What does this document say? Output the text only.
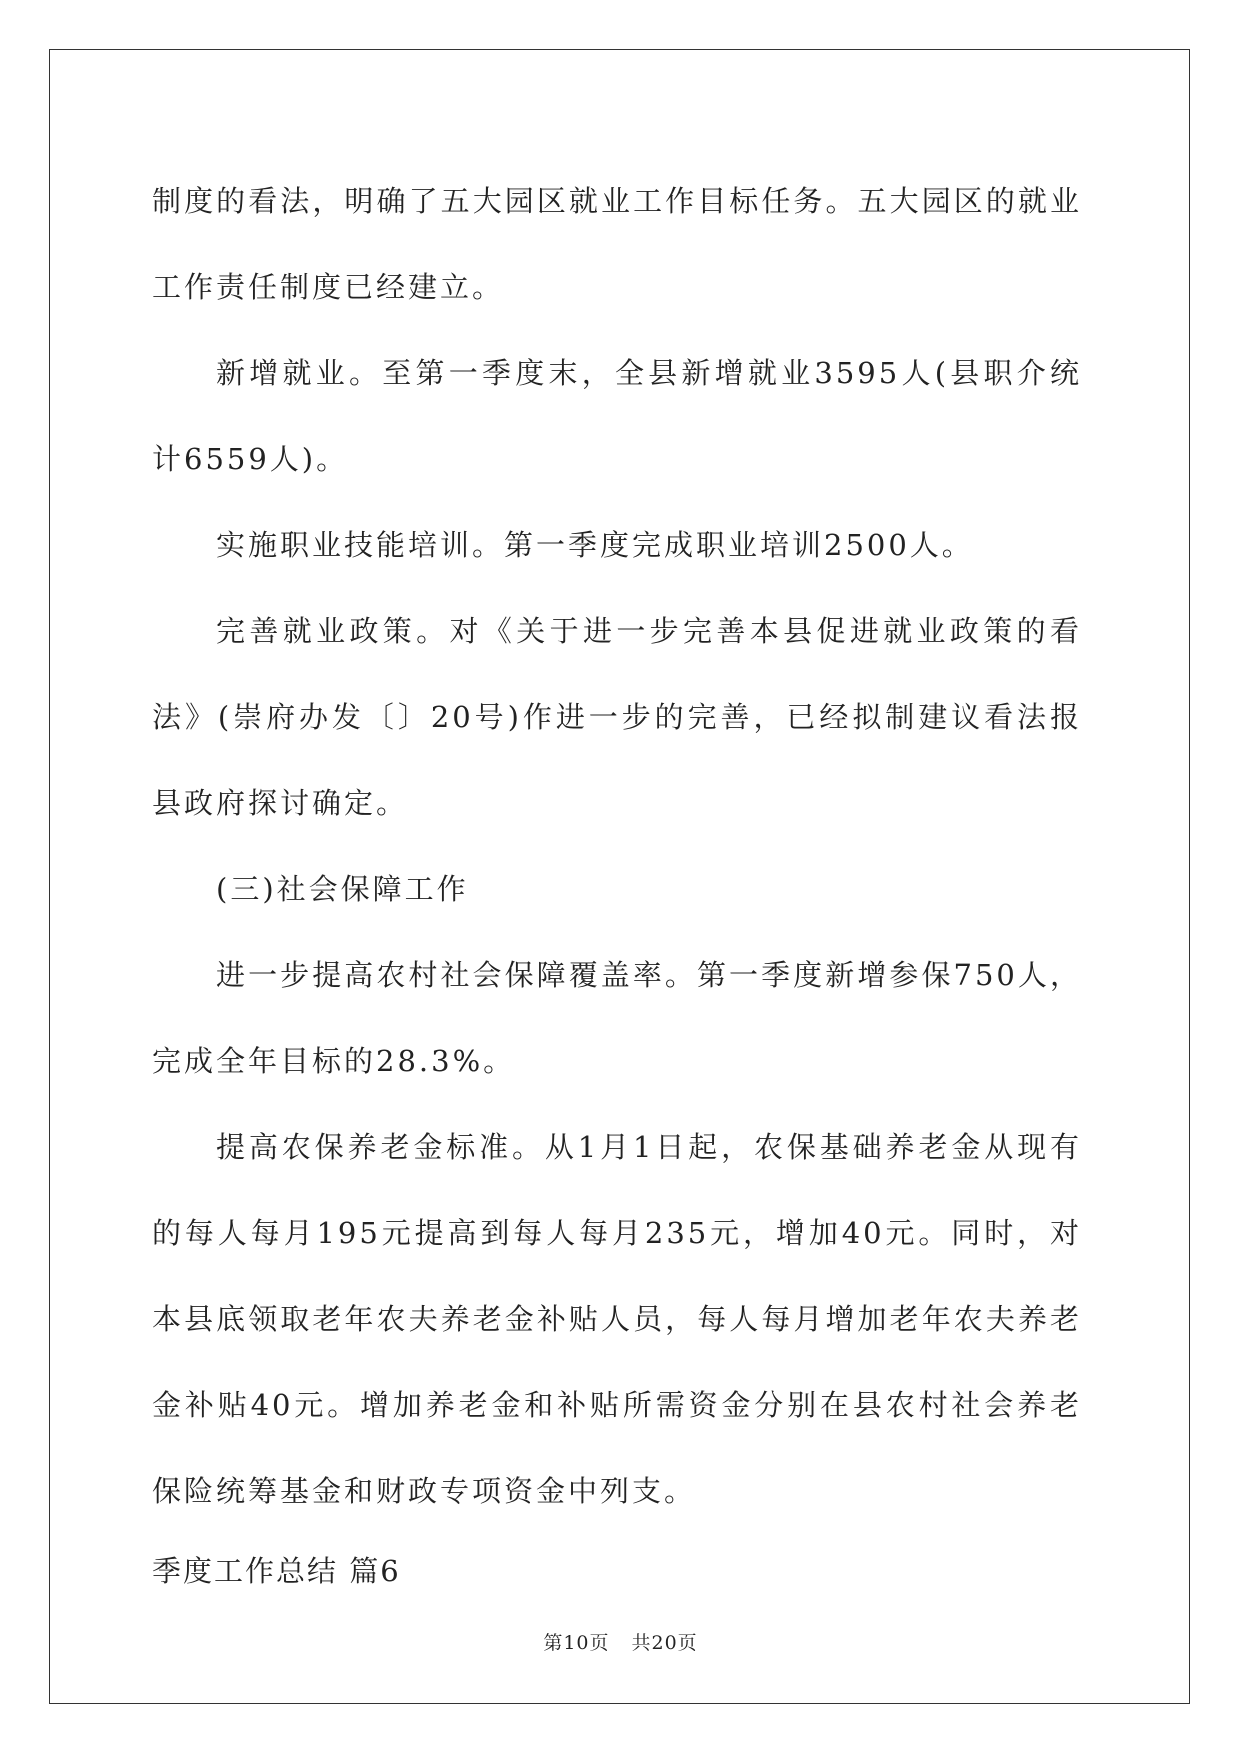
制度的看法，明确了五大园区就业工作目标任务。五大园区的就业工作责任制度已经建立。

新增就业。至第一季度末，全县新增就业3595人(县职介统计6559人)。

实施职业技能培训。第一季度完成职业培训2500人。

完善就业政策。对《关于进一步完善本县促进就业政策的看法》(崇府办发〔〕20号)作进一步的完善，已经拟制建议看法报县政府探讨确定。

(三)社会保障工作

进一步提高农村社会保障覆盖率。第一季度新增参保750人，完成全年目标的28.3%。

提高农保养老金标准。从1月1日起，农保基础养老金从现有的每人每月195元提高到每人每月235元，增加40元。同时，对本县底领取老年农夫养老金补贴人员，每人每月增加老年农夫养老金补贴40元。增加养老金和补贴所需资金分别在县农村社会养老保险统筹基金和财政专项资金中列支。

季度工作总结 篇6

第10页 共20页
